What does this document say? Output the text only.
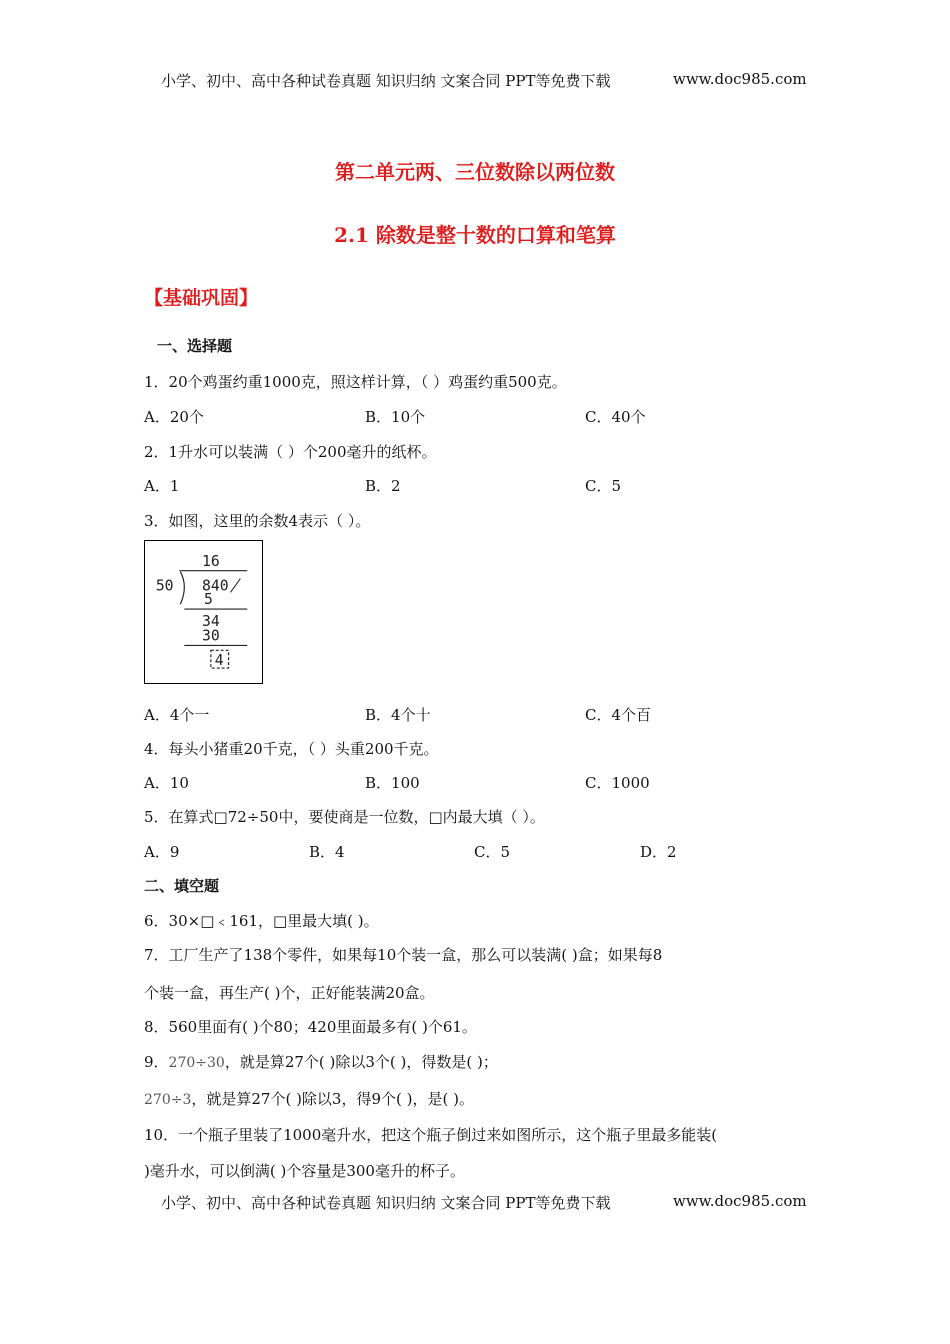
小学、初中、高中各种试卷真题 知识归纳 文案合同 PPT等免费下载	www.doc985.com
第二单元两、三位数除以两位数
2.1 除数是整十数的口算和笔算
【基础巩固】
一、选择题
1．20个鸡蛋约重1000克，照这样计算，（ ）鸡蛋约重500克。
A．20个	B．10个	C．40个
2．1升水可以装满（ ）个200毫升的纸杯。
A．1	B．2	C．5
3．如图，这里的余数4表示（ ）。
16
50 840
5
34
30
4
A．4个一	B．4个十	C．4个百
4．每头小猪重20千克，（ ）头重200千克。
A．10	B．100	C．1000
5．在算式□72÷50中，要使商是一位数，□内最大填（ ）。
A．9	B．4	C．5	D．2
二、填空题
6．30×□﹤161，□里最大填( )。
7．工厂生产了138个零件，如果每10个装一盒，那么可以装满( )盒；如果每8
个装一盒，再生产( )个，正好能装满20盒。
8．560里面有( )个80；420里面最多有( )个61。
9．270÷30，就是算27个( )除以3个( )，得数是( )；
270÷3，就是算27个( )除以3，得9个( )，是( )。
10．一个瓶子里装了1000毫升水，把这个瓶子倒过来如图所示，这个瓶子里最多能装(
)毫升水，可以倒满( )个容量是300毫升的杯子。
小学、初中、高中各种试卷真题 知识归纳 文案合同 PPT等免费下载	www.doc985.com
